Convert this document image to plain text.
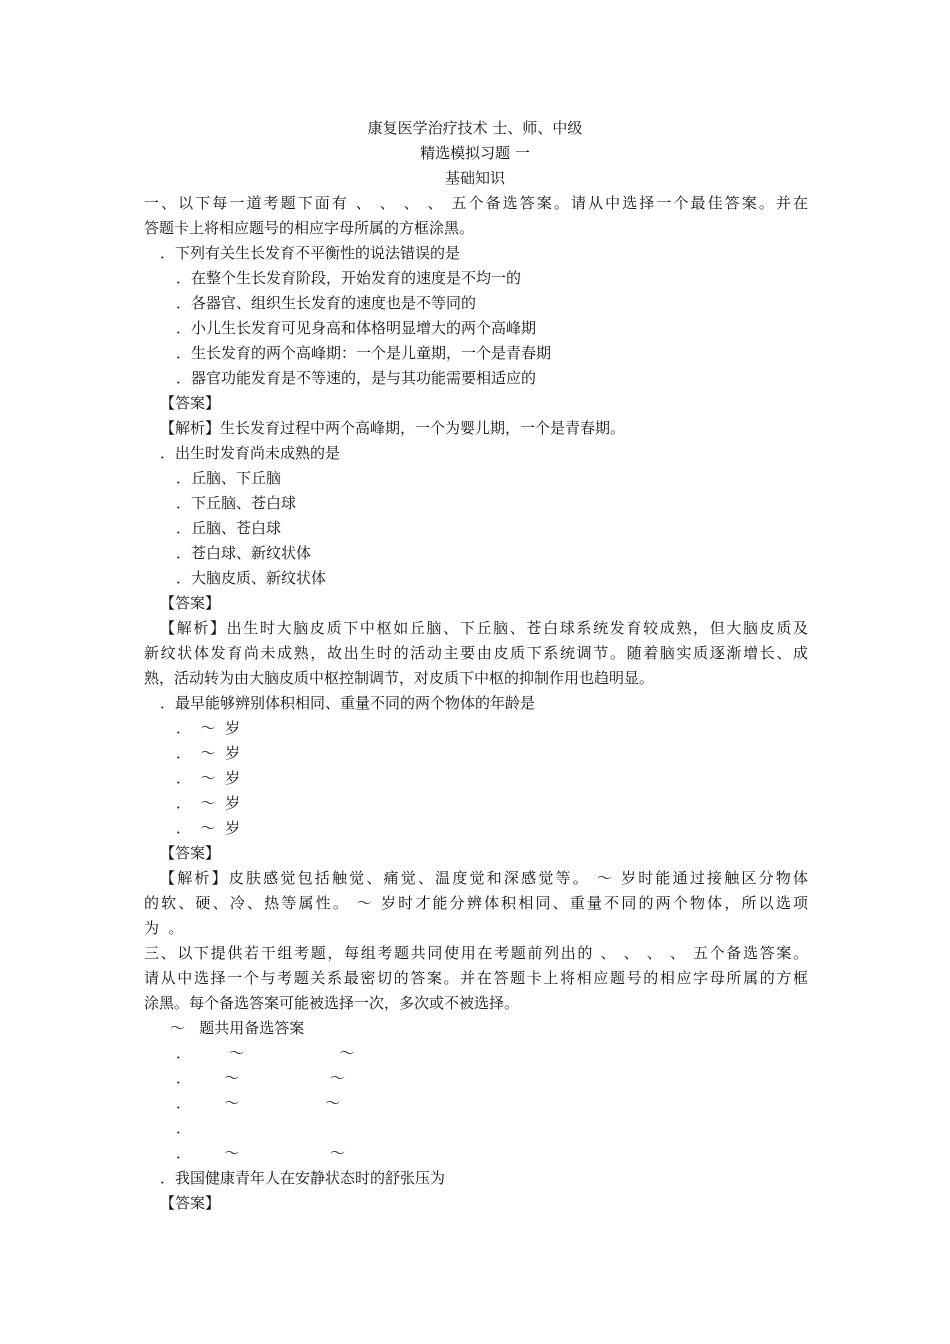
康复医学治疗技术 士、师、中级
精选模拟习题 一
基础知识
一、以下每一道考题下面有 、 、 、 、 五个备选答案。请从中选择一个最佳答案。并在
答题卡上将相应题号的相应字母所属的方框涂黑。
．下列有关生长发育不平衡性的说法错误的是
．在整个生长发育阶段，开始发育的速度是不均一的
．各器官、组织生长发育的速度也是不等同的
．小儿生长发育可见身高和体格明显增大的两个高峰期
．生长发育的两个高峰期：一个是儿童期，一个是青春期
．器官功能发育是不等速的，是与其功能需要相适应的
【答案】
【解析】生长发育过程中两个高峰期，一个为婴儿期，一个是青春期。
．出生时发育尚未成熟的是
．丘脑、下丘脑
．下丘脑、苍白球
．丘脑、苍白球
．苍白球、新纹状体
．大脑皮质、新纹状体
【答案】
【解析】出生时大脑皮质下中枢如丘脑、下丘脑、苍白球系统发育较成熟，但大脑皮质及
新纹状体发育尚未成熟，故出生时的活动主要由皮质下系统调节。随着脑实质逐渐增长、成
熟，活动转为由大脑皮质中枢控制调节，对皮质下中枢的抑制作用也趋明显。
．最早能够辨别体积相同、重量不同的两个物体的年龄是
．  ～  岁
．  ～  岁
．  ～  岁
．  ～  岁
．  ～  岁
【答案】
【解析】皮肤感觉包括触觉、痛觉、温度觉和深感觉等。 ～ 岁时能通过接触区分物体
的软、硬、冷、热等属性。 ～ 岁时才能分辨体积相同、重量不同的两个物体，所以选项
为  。
三、以下提供若干组考题，每组考题共同使用在考题前列出的 、 、 、 、 五个备选答案。
请从中选择一个与考题关系最密切的答案。并在答题卡上将相应题号的相应字母所属的方框
涂黑。每个备选答案可能被选择一次，多次或不被选择。
～   题共用备选答案
．        ～                    ～
．       ～                   ～
．       ～                  ～
．
．       ～                   ～
．我国健康青年人在安静状态时的舒张压为
【答案】
